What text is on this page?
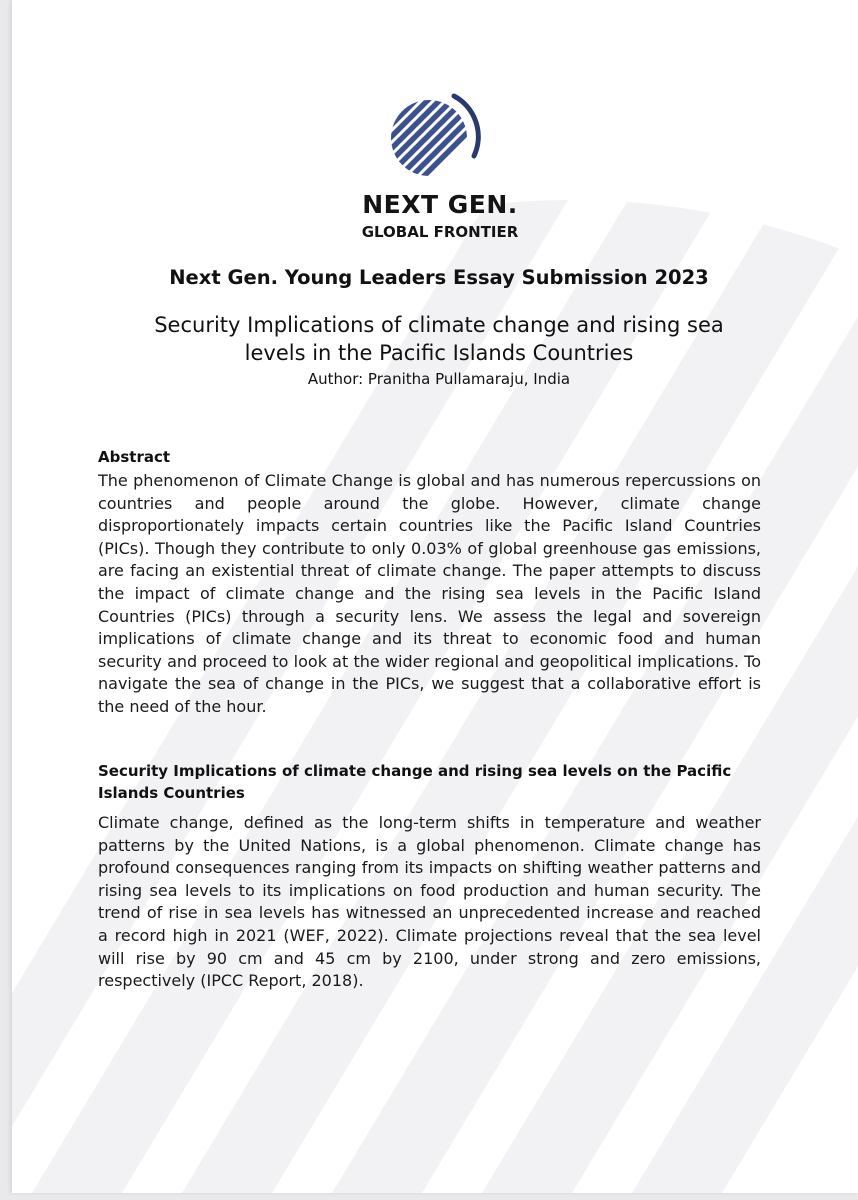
NEXT GEN.
GLOBAL FRONTIER
Next Gen. Young Leaders Essay Submission 2023
Security Implications of climate change and rising sea
levels in the Pacific Islands Countries
Author: Pranitha Pullamaraju, India
Abstract

The phenomenon of Climate Change is global and has numerous repercussions on countries and people around the globe. However, climate change disproportionately impacts certain countries like the Pacific Island Countries (PICs). Though they contribute to only 0.03% of global greenhouse gas emissions, are facing an existential threat of climate change. The paper attempts to discuss the impact of climate change and the rising sea levels in the Pacific Island Countries (PICs) through a security lens. We assess the legal and sovereign implications of climate change and its threat to economic food and human security and proceed to look at the wider regional and geopolitical implications. To navigate the sea of change in the PICs, we suggest that a collaborative effort is the need of the hour.

Security Implications of climate change and rising sea levels on the Pacific
Islands Countries

Climate change, defined as the long-term shifts in temperature and weather patterns by the United Nations, is a global phenomenon. Climate change has profound consequences ranging from its impacts on shifting weather patterns and rising sea levels to its implications on food production and human security. The trend of rise in sea levels has witnessed an unprecedented increase and reached a record high in 2021 (WEF, 2022). Climate projections reveal that the sea level will rise by 90 cm and 45 cm by 2100, under strong and zero emissions, respectively (IPCC Report, 2018).
